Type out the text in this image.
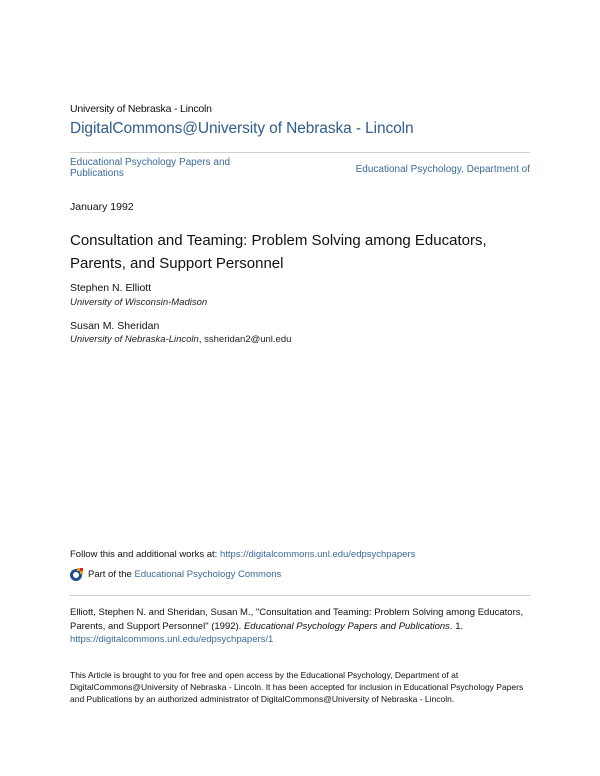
University of Nebraska - Lincoln
DigitalCommons@University of Nebraska - Lincoln
Educational Psychology Papers and Publications	Educational Psychology, Department of
January 1992
Consultation and Teaming: Problem Solving among Educators, Parents, and Support Personnel
Stephen N. Elliott
University of Wisconsin-Madison
Susan M. Sheridan
University of Nebraska-Lincoln, ssheridan2@unl.edu
Follow this and additional works at: https://digitalcommons.unl.edu/edpsychpapers
Part of the
Educational Psychology Commons
Elliott, Stephen N. and Sheridan, Susan M., "Consultation and Teaming: Problem Solving among Educators, Parents, and Support Personnel" (1992). Educational Psychology Papers and Publications. 1.
https://digitalcommons.unl.edu/edpsychpapers/1
This Article is brought to you for free and open access by the Educational Psychology, Department of at DigitalCommons@University of Nebraska - Lincoln. It has been accepted for inclusion in Educational Psychology Papers and Publications by an authorized administrator of DigitalCommons@University of Nebraska - Lincoln.
